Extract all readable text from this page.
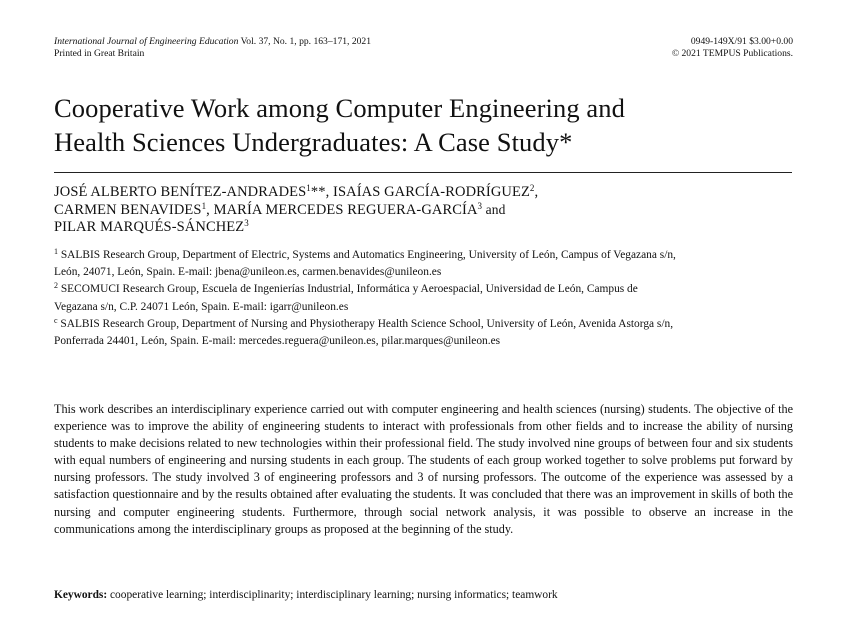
International Journal of Engineering Education Vol. 37, No. 1, pp. 163–171, 2021
Printed in Great Britain
0949-149X/91 $3.00+0.00
© 2021 TEMPUS Publications.
Cooperative Work among Computer Engineering and
Health Sciences Undergraduates: A Case Study*
JOSÉ ALBERTO BENÍTEZ-ANDRADES$^1$**, ISAÍAS GARCÍA-RODRÍGUEZ$^2$,
CARMEN BENAVIDES$^1$, MARÍA MERCEDES REGUERA-GARCÍA$^3$ and
PILAR MARQUÉS-SÁNCHEZ$^3$

$^1$ SALBIS Research Group, Department of Electric, Systems and Automatics Engineering, University of León, Campus of Vegazana s/n,
León, 24071, León, Spain. E-mail: jbena@unileon.es, carmen.benavides@unileon.es

$^2$ SECOMUCI Research Group, Escuela de Ingenierías Industrial, Informática y Aeroespacial, Universidad de León, Campus de
Vegazana s/n, C.P. 24071 León, Spain. E-mail: igarr@unileon.es

$^c$ SALBIS Research Group, Department of Nursing and Physiotherapy Health Science School, University of León, Avenida Astorga s/n,
Ponferrada 24401, León, Spain. E-mail: mercedes.reguera@unileon.es, pilar.marques@unileon.es

This work describes an interdisciplinary experience carried out with computer engineering and health sciences (nursing) students. The objective of the experience was to improve the ability of engineering students to interact with professionals from other fields and to increase the ability of nursing students to make decisions related to new technologies within their professional field. The study involved nine groups of between four and six students with equal numbers of engineering and nursing students in each group. The students of each group worked together to solve problems put forward by nursing professors. The study involved 3 of engineering professors and 3 of nursing professors. The outcome of the experience was assessed by a satisfaction questionnaire and by the results obtained after evaluating the students. It was concluded that there was an improvement in skills of both the nursing and computer engineering students. Furthermore, through social network analysis, it was possible to observe an increase in the communications among the interdisciplinary groups as proposed at the beginning of the study.

Keywords: cooperative learning; interdisciplinarity; interdisciplinary learning; nursing informatics; teamwork
